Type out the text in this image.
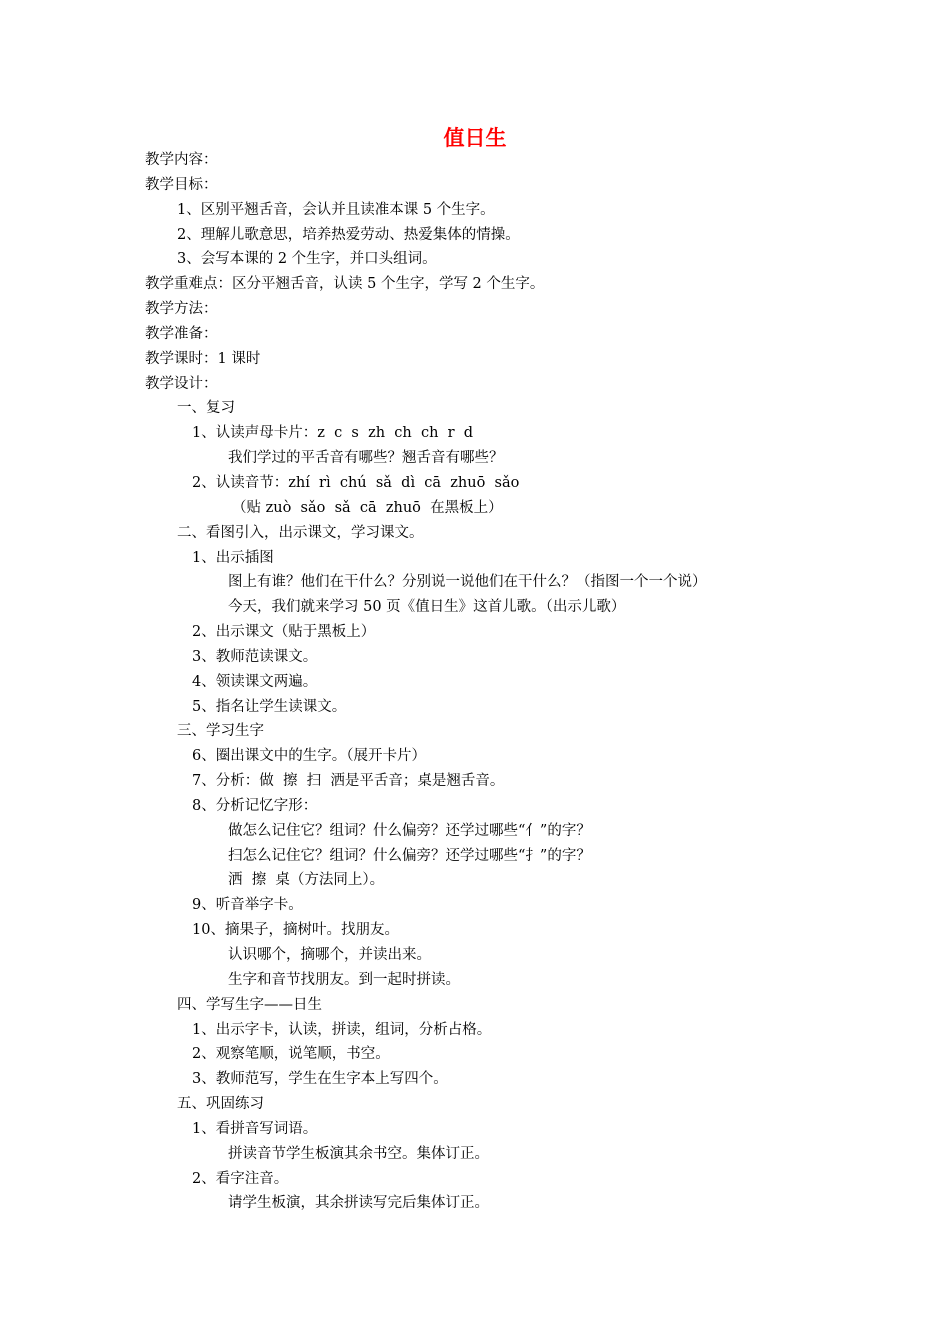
值日生
教学内容：
教学目标：
1、区别平翘舌音，会认并且读准本课 5 个生字。
2、理解儿歌意思，培养热爱劳动、热爱集体的情操。
3、会写本课的 2 个生字，并口头组词。
教学重难点：区分平翘舌音，认读 5 个生字，学写 2 个生字。
教学方法：
教学准备：
教学课时：1 课时
教学设计：
一、复习
1、认读声母卡片：z  c  s  zh  ch  ch  r  d
我们学过的平舌音有哪些？翘舌音有哪些？
2、认读音节：zhí  rì  chú  sǎ  dì  cā  zhuō  sǎo
（贴 zuò  sǎo  sǎ  cā  zhuō  在黑板上）
二、看图引入，出示课文，学习课文。
1、出示插图
图上有谁？他们在干什么？分别说一说他们在干什么？（指图一个一个说）
今天，我们就来学习 50 页《值日生》这首儿歌。（出示儿歌）
2、出示课文（贴于黑板上）
3、教师范读课文。
4、领读课文两遍。
5、指名让学生读课文。
三、学习生字
6、圈出课文中的生字。（展开卡片）
7、分析：做  擦  扫  洒是平舌音；桌是翘舌音。
8、分析记忆字形：
做怎么记住它？组词？什么偏旁？还学过哪些“亻”的字？
扫怎么记住它？组词？什么偏旁？还学过哪些“扌”的字？
洒  擦  桌（方法同上）。
9、听音举字卡。
10、摘果子，摘树叶。找朋友。
认识哪个，摘哪个，并读出来。
生字和音节找朋友。到一起时拼读。
四、学写生字——日生
1、出示字卡，认读，拼读，组词，分析占格。
2、观察笔顺，说笔顺，书空。
3、教师范写，学生在生字本上写四个。
五、巩固练习
1、看拼音写词语。
拼读音节学生板演其余书空。集体订正。
2、看字注音。
请学生板演，其余拼读写完后集体订正。
